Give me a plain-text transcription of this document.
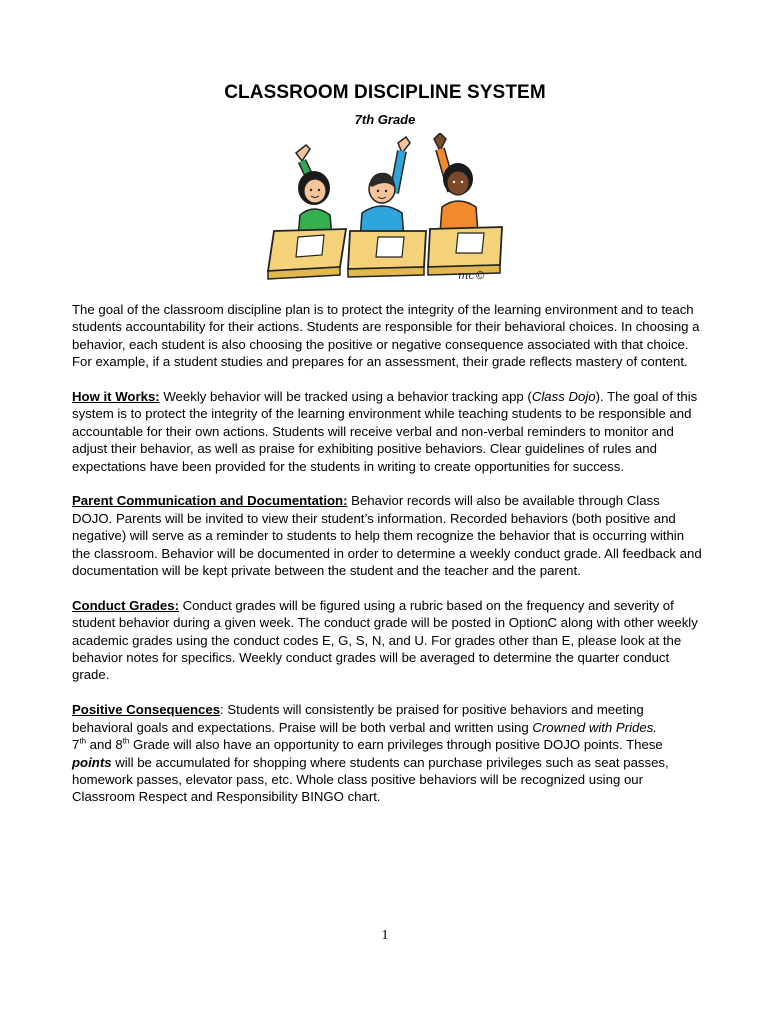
CLASSROOM DISCIPLINE SYSTEM
7th Grade
mc©

The goal of the classroom discipline plan is to protect the integrity of the learning environment and to teach students accountability for their actions. Students are responsible for their behavioral choices. In choosing a behavior, each student is also choosing the positive or negative consequence associated with that choice. For example, if a student studies and prepares for an assessment, their grade reflects mastery of content.

How it Works: Weekly behavior will be tracked using a behavior tracking app (Class Dojo). The goal of this system is to protect the integrity of the learning environment while teaching students to be responsible and accountable for their own actions. Students will receive verbal and non-verbal reminders to monitor and adjust their behavior, as well as praise for exhibiting positive behaviors. Clear guidelines of rules and expectations have been provided for the students in writing to create opportunities for success.

Parent Communication and Documentation: Behavior records will also be available through Class DOJO. Parents will be invited to view their student’s information. Recorded behaviors (both positive and negative) will serve as a reminder to students to help them recognize the behavior that is occurring within the classroom. Behavior will be documented in order to determine a weekly conduct grade. All feedback and documentation will be kept private between the student and the teacher and the parent.

Conduct Grades: Conduct grades will be figured using a rubric based on the frequency and severity of student behavior during a given week. The conduct grade will be posted in OptionC along with other weekly academic grades using the conduct codes E, G, S, N, and U. For grades other than E, please look at the behavior notes for specifics. Weekly conduct grades will be averaged to determine the quarter conduct grade.

Positive Consequences: Students will consistently be praised for positive behaviors and meeting behavioral goals and expectations. Praise will be both verbal and written using Crowned with Prides.
7th and 8th Grade will also have an opportunity to earn privileges through positive DOJO points. These points will be accumulated for shopping where students can purchase privileges such as seat passes, homework passes, elevator pass, etc. Whole class positive behaviors will be recognized using our Classroom Respect and Responsibility BINGO chart.

1
